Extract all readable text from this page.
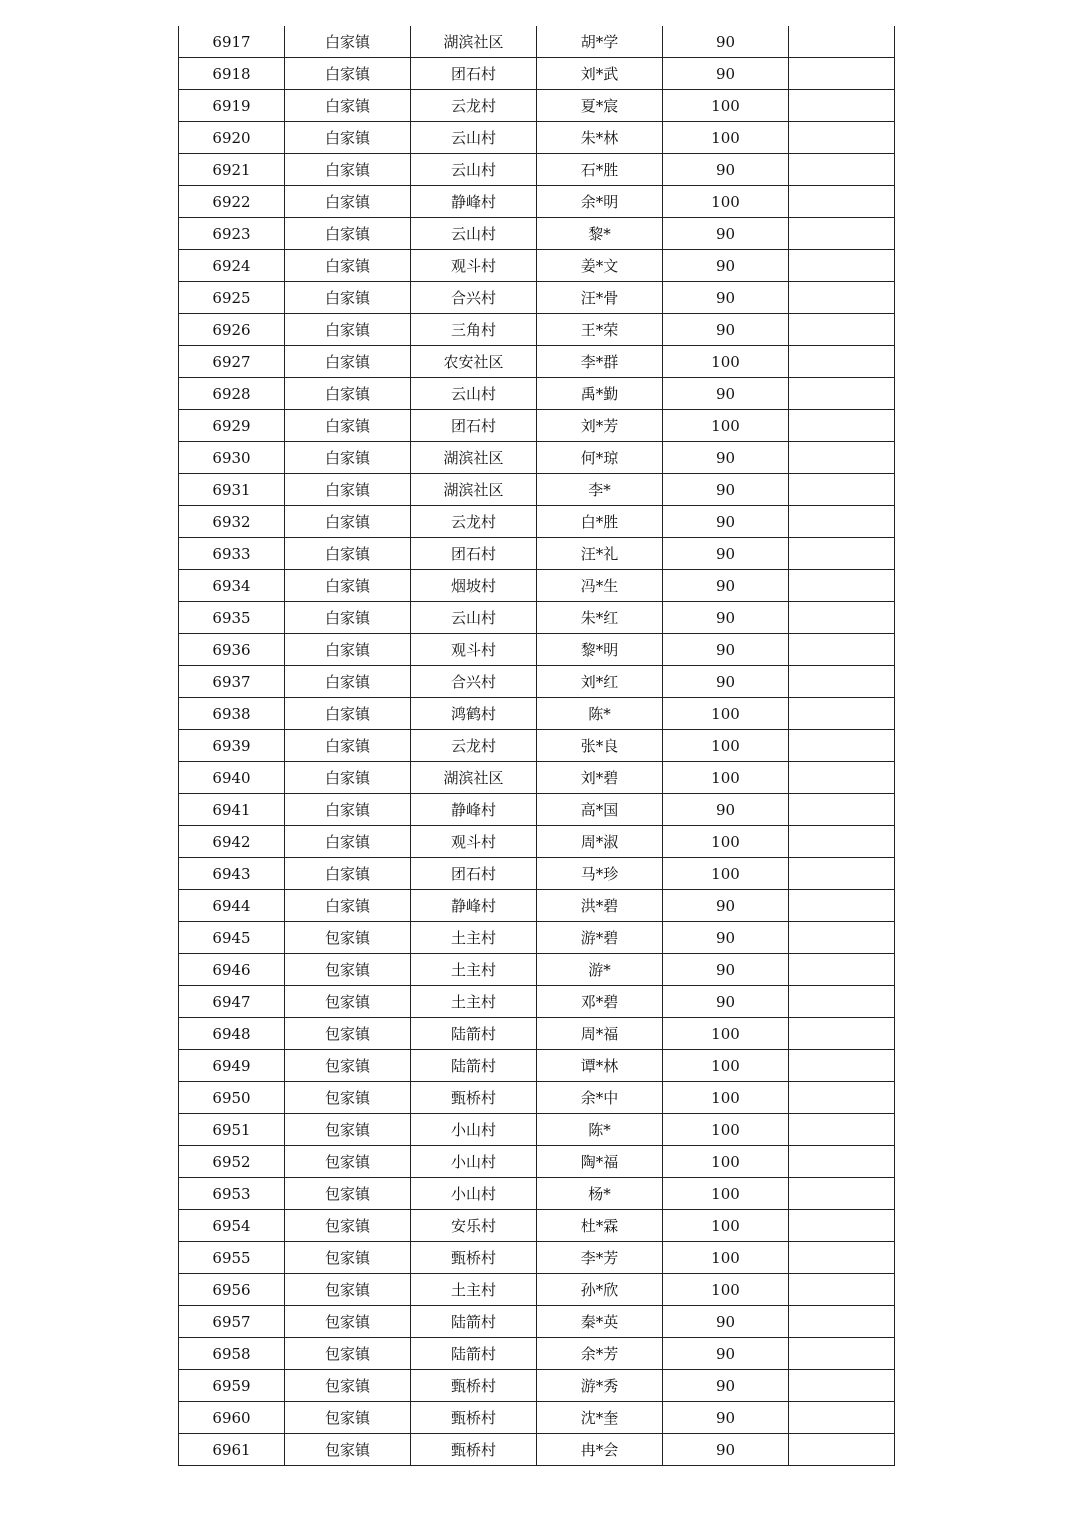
6917	白家镇	湖滨社区	胡*学	90	
6918	白家镇	团石村	刘*武	90	
6919	白家镇	云龙村	夏*宸	100	
6920	白家镇	云山村	朱*林	100	
6921	白家镇	云山村	石*胜	90	
6922	白家镇	静峰村	余*明	100	
6923	白家镇	云山村	黎*	90	
6924	白家镇	观斗村	姜*文	90	
6925	白家镇	合兴村	汪*骨	90	
6926	白家镇	三角村	王*荣	90	
6927	白家镇	农安社区	李*群	100	
6928	白家镇	云山村	禹*勤	90	
6929	白家镇	团石村	刘*芳	100	
6930	白家镇	湖滨社区	何*琼	90	
6931	白家镇	湖滨社区	李*	90	
6932	白家镇	云龙村	白*胜	90	
6933	白家镇	团石村	汪*礼	90	
6934	白家镇	烟坡村	冯*生	90	
6935	白家镇	云山村	朱*红	90	
6936	白家镇	观斗村	黎*明	90	
6937	白家镇	合兴村	刘*红	90	
6938	白家镇	鸿鹤村	陈*	100	
6939	白家镇	云龙村	张*良	100	
6940	白家镇	湖滨社区	刘*碧	100	
6941	白家镇	静峰村	高*国	90	
6942	白家镇	观斗村	周*淑	100	
6943	白家镇	团石村	马*珍	100	
6944	白家镇	静峰村	洪*碧	90	
6945	包家镇	土主村	游*碧	90	
6946	包家镇	土主村	游*	90	
6947	包家镇	土主村	邓*碧	90	
6948	包家镇	陆箭村	周*福	100	
6949	包家镇	陆箭村	谭*林	100	
6950	包家镇	甄桥村	余*中	100	
6951	包家镇	小山村	陈*	100	
6952	包家镇	小山村	陶*福	100	
6953	包家镇	小山村	杨*	100	
6954	包家镇	安乐村	杜*霖	100	
6955	包家镇	甄桥村	李*芳	100	
6956	包家镇	土主村	孙*欣	100	
6957	包家镇	陆箭村	秦*英	90	
6958	包家镇	陆箭村	余*芳	90	
6959	包家镇	甄桥村	游*秀	90	
6960	包家镇	甄桥村	沈*奎	90	
6961	包家镇	甄桥村	冉*会	90	
